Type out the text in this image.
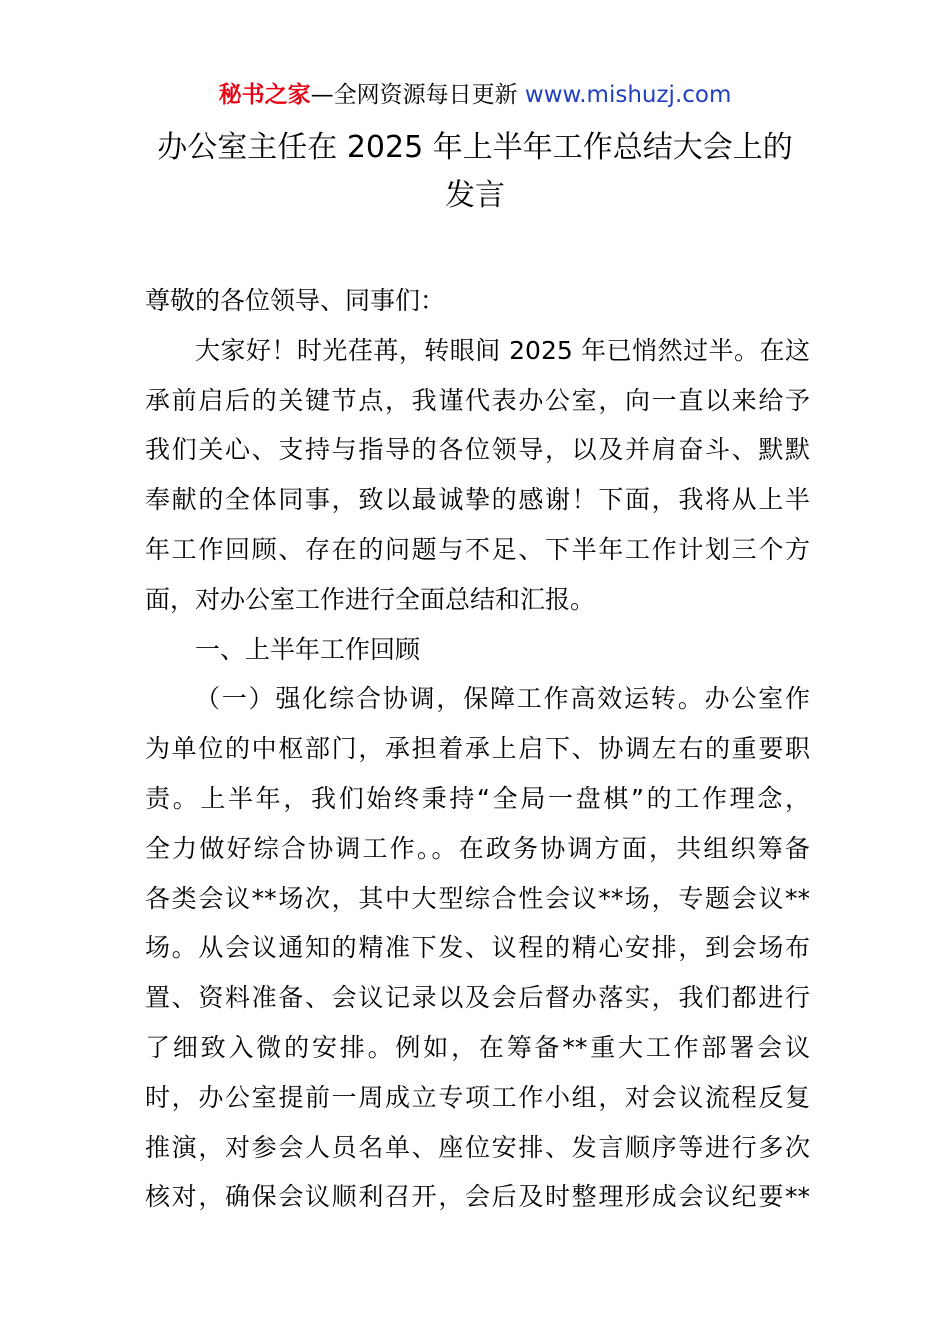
秘书之家—全网资源每日更新 www.mishuzj.com
办公室主任在 2025 年上半年工作总结大会上的
发言
尊敬的各位领导、同事们：
大家好！时光荏苒，转眼间 2025 年已悄然过半。在这
承前启后的关键节点，我谨代表办公室，向一直以来给予
我们关心、支持与指导的各位领导，以及并肩奋斗、默默
奉献的全体同事，致以最诚挚的感谢！下面，我将从上半
年工作回顾、存在的问题与不足、下半年工作计划三个方
面，对办公室工作进行全面总结和汇报。
一、上半年工作回顾
（一）强化综合协调，保障工作高效运转。办公室作
为单位的中枢部门，承担着承上启下、协调左右的重要职
责。上半年，我们始终秉持“全局一盘棋”的工作理念，
全力做好综合协调工作。。在政务协调方面，共组织筹备
各类会议**场次，其中大型综合性会议**场，专题会议**
场。从会议通知的精准下发、议程的精心安排，到会场布
置、资料准备、会议记录以及会后督办落实，我们都进行
了细致入微的安排。例如，在筹备**重大工作部署会议
时，办公室提前一周成立专项工作小组，对会议流程反复
推演，对参会人员名单、座位安排、发言顺序等进行多次
核对，确保会议顺利召开，会后及时整理形成会议纪要**
